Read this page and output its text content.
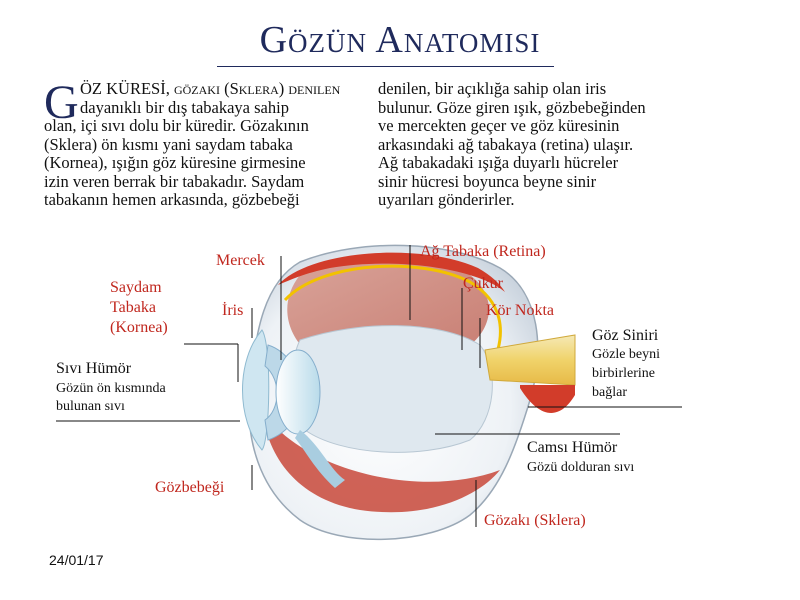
Gözün Anatomisi
G ÖZ KÜRESİ, gözakı (Sklera) denilen
dayanıklı bir dış tabakaya sahip
olan, içi sıvı dolu bir küredir. Gözakının
(Sklera) ön kısmı yani saydam tabaka
(Kornea), ışığın göz küresine girmesine
izin veren berrak bir tabakadır. Saydam
tabakanın hemen arkasında, gözbebeği
denilen, bir açıklığa sahip olan iris
bulunur. Göze giren ışık, gözbebeğinden
ve mercekten geçer ve göz küresinin
arkasındaki ağ tabakaya (retina) ulaşır.
Ağ tabakadaki ışığa duyarlı hücreler
sinir hücresi boyunca beyne sinir
uyarıları gönderirler.
Mercek
Ağ Tabaka (Retina)
Çukur
Kör Nokta
İris
Saydam
Tabaka
(Kornea)
Sıvı Hümör
Gözün ön kısmında
bulunan sıvı
Göz Siniri
Gözle beyni
birbirlerine
bağlar
Camsı Hümör
Gözü dolduran sıvı
Gözbebeği
Gözakı (Sklera)
24/01/17
